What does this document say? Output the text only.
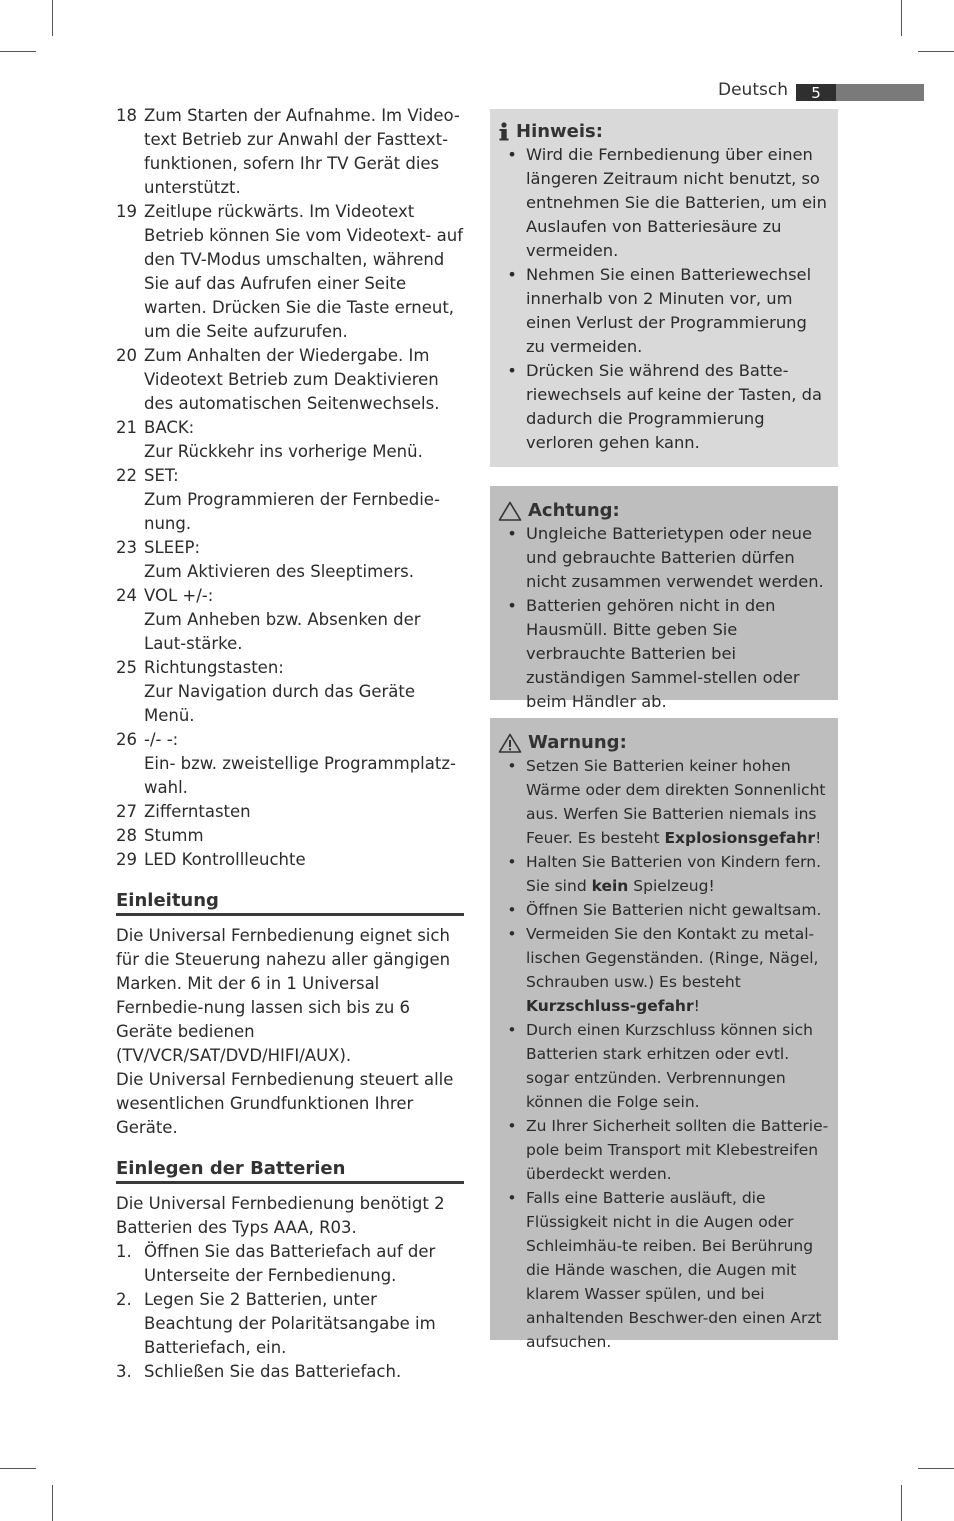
Deutsch	5
18 Zum Starten der Aufnahme. Im Video-text Betrieb zur Anwahl der Fasttext-funktionen, sofern Ihr TV Gerät dies unterstützt.
19 Zeitlupe rückwärts. Im Videotext Betrieb können Sie vom Videotext- auf den TV-Modus umschalten, während Sie auf das Aufrufen einer Seite warten. Drücken Sie die Taste erneut, um die Seite aufzurufen.
20 Zum Anhalten der Wiedergabe. Im Videotext Betrieb zum Deaktivieren des automatischen Seitenwechsels.
21 BACK:
Zur Rückkehr ins vorherige Menü.
22 SET:
Zum Programmieren der Fernbedie-nung.
23 SLEEP:
Zum Aktivieren des Sleeptimers.
24 VOL +/-:
Zum Anheben bzw. Absenken der Laut-stärke.
25 Richtungstasten:
Zur Navigation durch das Geräte Menü.
26 -/- -:
Ein- bzw. zweistellige Programmplatz-wahl.
27 Zifferntasten
28 Stumm
29 LED Kontrollleuchte
Einleitung

Die Universal Fernbedienung eignet sich für die Steuerung nahezu aller gängigen Marken. Mit der 6 in 1 Universal Fernbedie-nung lassen sich bis zu 6 Geräte bedienen (TV/VCR/SAT/DVD/HIFI/AUX).

Die Universal Fernbedienung steuert alle wesentlichen Grundfunktionen Ihrer Geräte.

Einlegen der Batterien

Die Universal Fernbedienung benötigt 2 Batterien des Typs AAA, R03.

1. Öffnen Sie das Batteriefach auf der Unterseite der Fernbedienung.
2. Legen Sie 2 Batterien, unter Beachtung der Polaritätsangabe im Batteriefach, ein.
3. Schließen Sie das Batteriefach.
Hinweis:
• Wird die Fernbedienung über einen längeren Zeitraum nicht benutzt, so entnehmen Sie die Batterien, um ein Auslaufen von Batteriesäure zu vermeiden.
• Nehmen Sie einen Batteriewechsel innerhalb von 2 Minuten vor, um einen Verlust der Programmierung zu vermeiden.
• Drücken Sie während des Batte-riewechsels auf keine der Tasten, da dadurch die Programmierung verloren gehen kann.
Achtung:
• Ungleiche Batterietypen oder neue und gebrauchte Batterien dürfen nicht zusammen verwendet werden.
• Batterien gehören nicht in den Hausmüll. Bitte geben Sie verbrauchte Batterien bei zuständigen Sammel-stellen oder beim Händler ab.
Warnung:
• Setzen Sie Batterien keiner hohen Wärme oder dem direkten Sonnenlicht aus. Werfen Sie Batterien niemals ins Feuer. Es besteht Explosionsgefahr!
• Halten Sie Batterien von Kindern fern. Sie sind kein Spielzeug!
• Öffnen Sie Batterien nicht gewaltsam.
• Vermeiden Sie den Kontakt zu metal-lischen Gegenständen. (Ringe, Nägel, Schrauben usw.) Es besteht Kurzschluss-gefahr!
• Durch einen Kurzschluss können sich Batterien stark erhitzen oder evtl. sogar entzünden. Verbrennungen können die Folge sein.
• Zu Ihrer Sicherheit sollten die Batterie-pole beim Transport mit Klebestreifen überdeckt werden.
• Falls eine Batterie ausläuft, die Flüssigkeit nicht in die Augen oder Schleimhäu-te reiben. Bei Berührung die Hände waschen, die Augen mit klarem Wasser spülen, und bei anhaltenden Beschwer-den einen Arzt aufsuchen.
